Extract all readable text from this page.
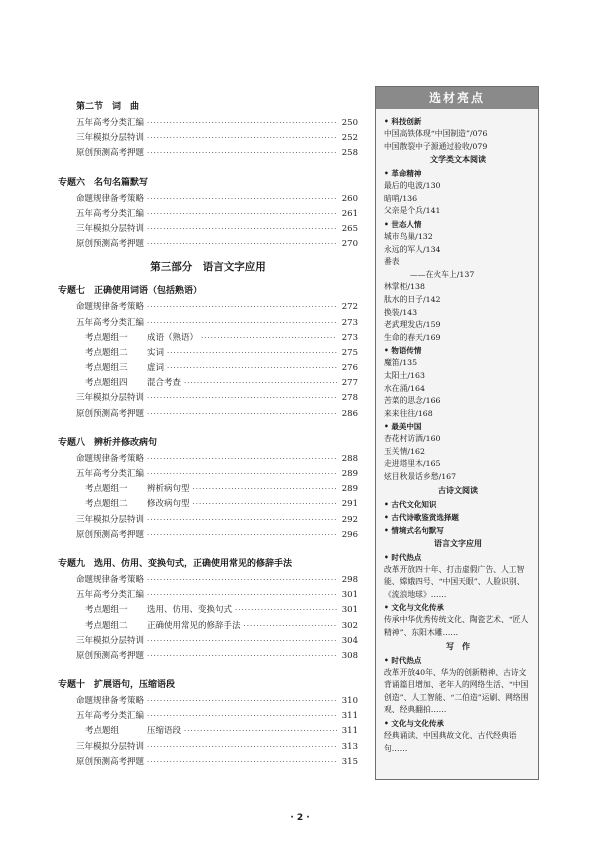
第二节　词　曲
五年高考分类汇编 ·····	250
三年模拟分层特训 ·····	252
原创预测高考押题 ·····	258
专题六　名句名篇默写
命题规律备考策略 ·····	260
五年高考分类汇编 ·····	261
三年模拟分层特训 ·····	265
原创预测高考押题 ·····	270
第三部分　语言文字应用
专题七　正确使用词语（包括熟语）
命题规律备考策略 ·····	272
五年高考分类汇编 ·····	273
考点题组一 成语（熟语） ·····	273
考点题组二 实词 ·····	275
考点题组三 虚词 ·····	276
考点题组四 混合考查 ·····	277
三年模拟分层特训 ·····	278
原创预测高考押题 ·····	286
专题八　辨析并修改病句
命题规律备考策略 ·····	288
五年高考分类汇编 ·····	289
考点题组一 辨析病句型 ·····	289
考点题组二 修改病句型 ·····	291
三年模拟分层特训 ·····	292
原创预测高考押题 ·····	296
专题九　选用、仿用、变换句式，正确使用常见的修辞手法
命题规律备考策略 ·····	298
五年高考分类汇编 ·····	301
考点题组一 选用、仿用、变换句式 ·····	301
考点题组二 正确使用常见的修辞手法 ·····	302
三年模拟分层特训 ·····	304
原创预测高考押题 ·····	308
专题十　扩展语句，压缩语段
命题规律备考策略 ·····	310
五年高考分类汇编 ·····	311
考点题组	压缩语段 ·····	311
三年模拟分层特训 ·····	313
原创预测高考押题 ·····	315
选材亮点
• 科技创新
中国高铁体现“中国制造”/076
中国散裂中子源通过验收/079
文学类文本阅读
• 革命精神
最后的电波/130
暗哨/136
父亲是个兵/141
• 世态人情
城市鸟巢/132
永远的军人/134
番表
——在火车上/137
林掌柜/138
肽水的日子/142
换装/143
老武理发店/159
生命的春天/169
• 物语传情
魔笛/135
太阳土/163
水在涌/164
苦菜的思念/166
来来往往/168
• 最美中国
杏花村访酒/160
玉关情/162
走进塔里木/165
炫目秋景话乡愁/167
古诗文阅读
• 古代文化知识
• 古代诗歌鉴赏选择题
• 情境式名句默写
语言文字应用
• 时代热点
改革开放四十年、打击虚假广告、人工智能、嫦娥四号、“中国天眼”、人脸识别、《流浪地球》……
• 文化与文化传承
传承中华优秀传统文化、陶瓷艺术、“匠人精神”、东阳木雕……
写　作
• 时代热点
改革开放40年、华为的创新精神、古诗文背诵篇目增加、老年人的网络生活、“中国创造”、人工智能、“二伯造”运刷、网络围观、经典翻拍……
• 文化与文化传承
经典诵读、中国典故文化、古代经典语句……
· 2 ·
